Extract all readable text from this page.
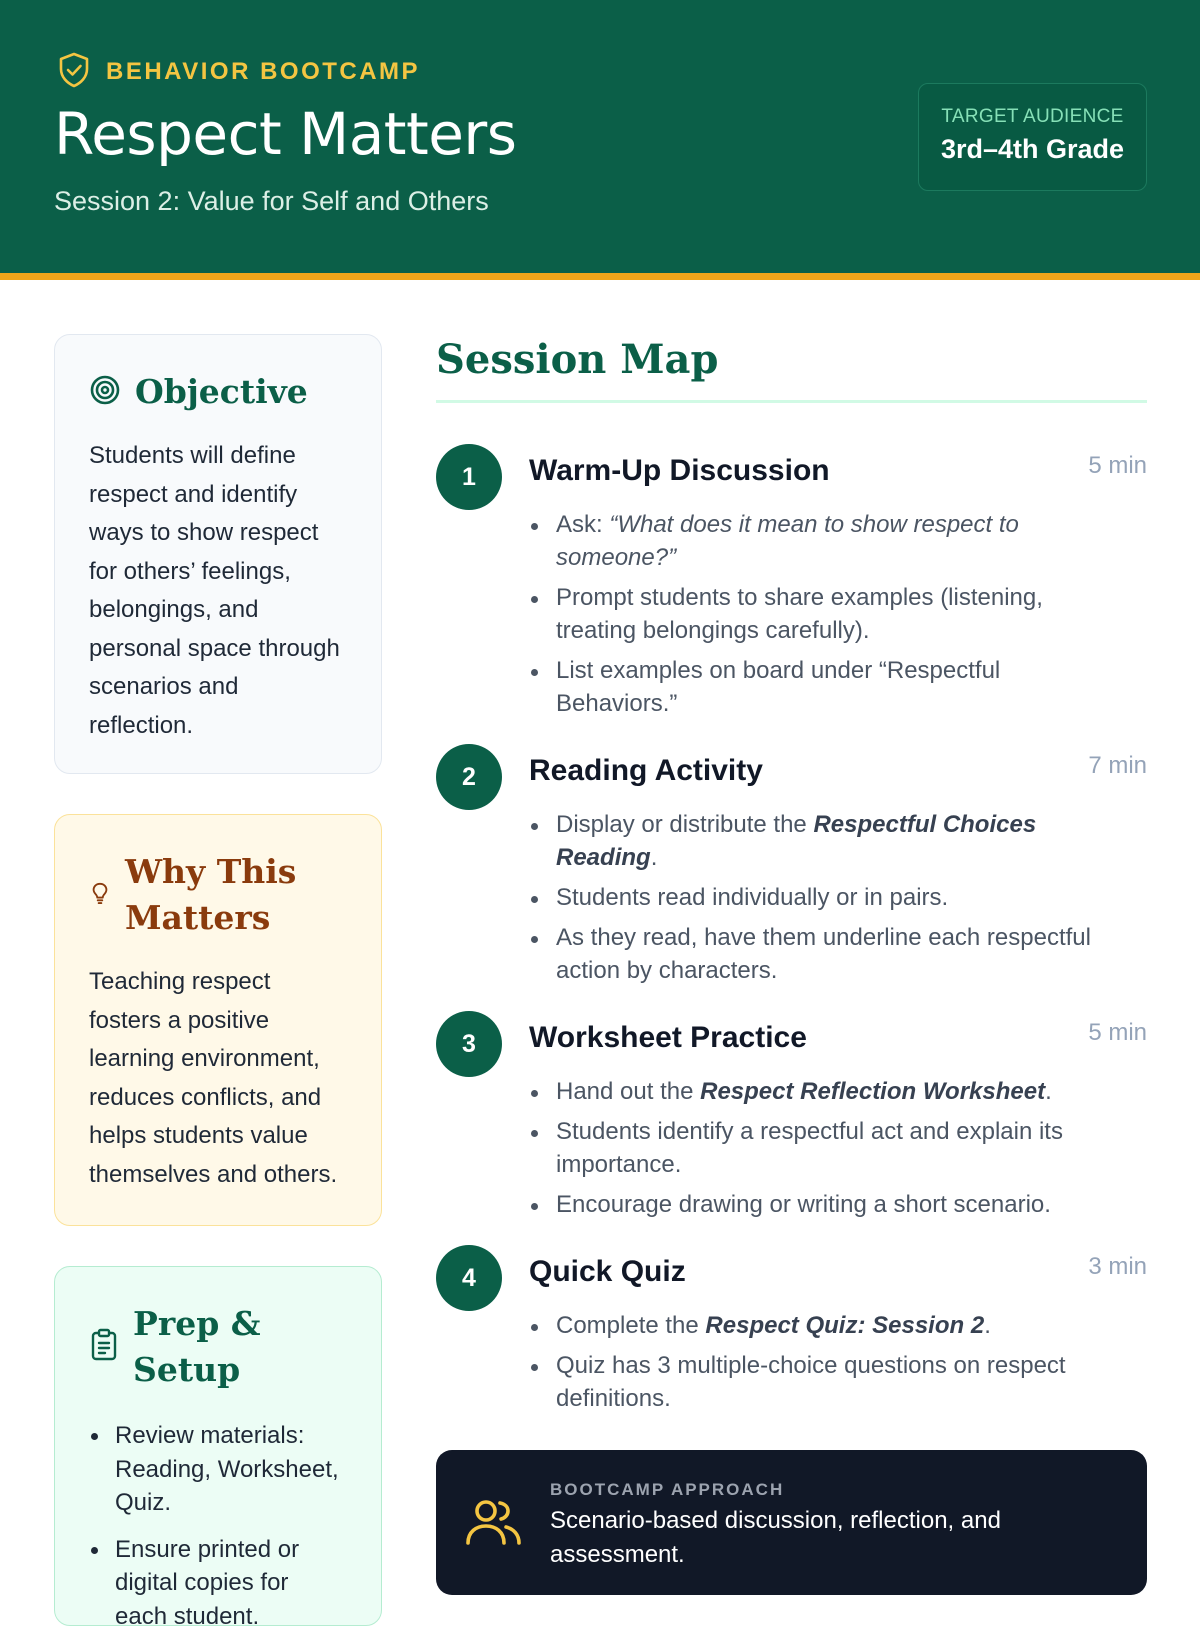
BEHAVIOR BOOTCAMP
Respect Matters
Session 2: Value for Self and Others
TARGET AUDIENCE
3rd–4th Grade
Objective

Students will define respect and identify ways to show respect for others’ feelings, belongings, and personal space through scenarios and reflection.

Why This Matters

Teaching respect fosters a positive learning environment, reduces conflicts, and helps students value themselves and others.

Prep & Setup
Review materials: Reading, Worksheet, Quiz.
Ensure printed or digital copies for each student.
Session Map
1	Warm-Up Discussion	5 min
Ask: “What does it mean to show respect to someone?”
Prompt students to share examples (listening, treating belongings carefully).
List examples on board under “Respectful Behaviors.”
2	Reading Activity	7 min
Display or distribute the Respectful Choices Reading.
Students read individually or in pairs.
As they read, have them underline each respectful action by characters.
3	Worksheet Practice	5 min
Hand out the Respect Reflection Worksheet.
Students identify a respectful act and explain its importance.
Encourage drawing or writing a short scenario.
4	Quick Quiz	3 min
Complete the Respect Quiz: Session 2.
Quiz has 3 multiple-choice questions on respect definitions.
BOOTCAMP APPROACH
Scenario-based discussion, reflection, and assessment.
